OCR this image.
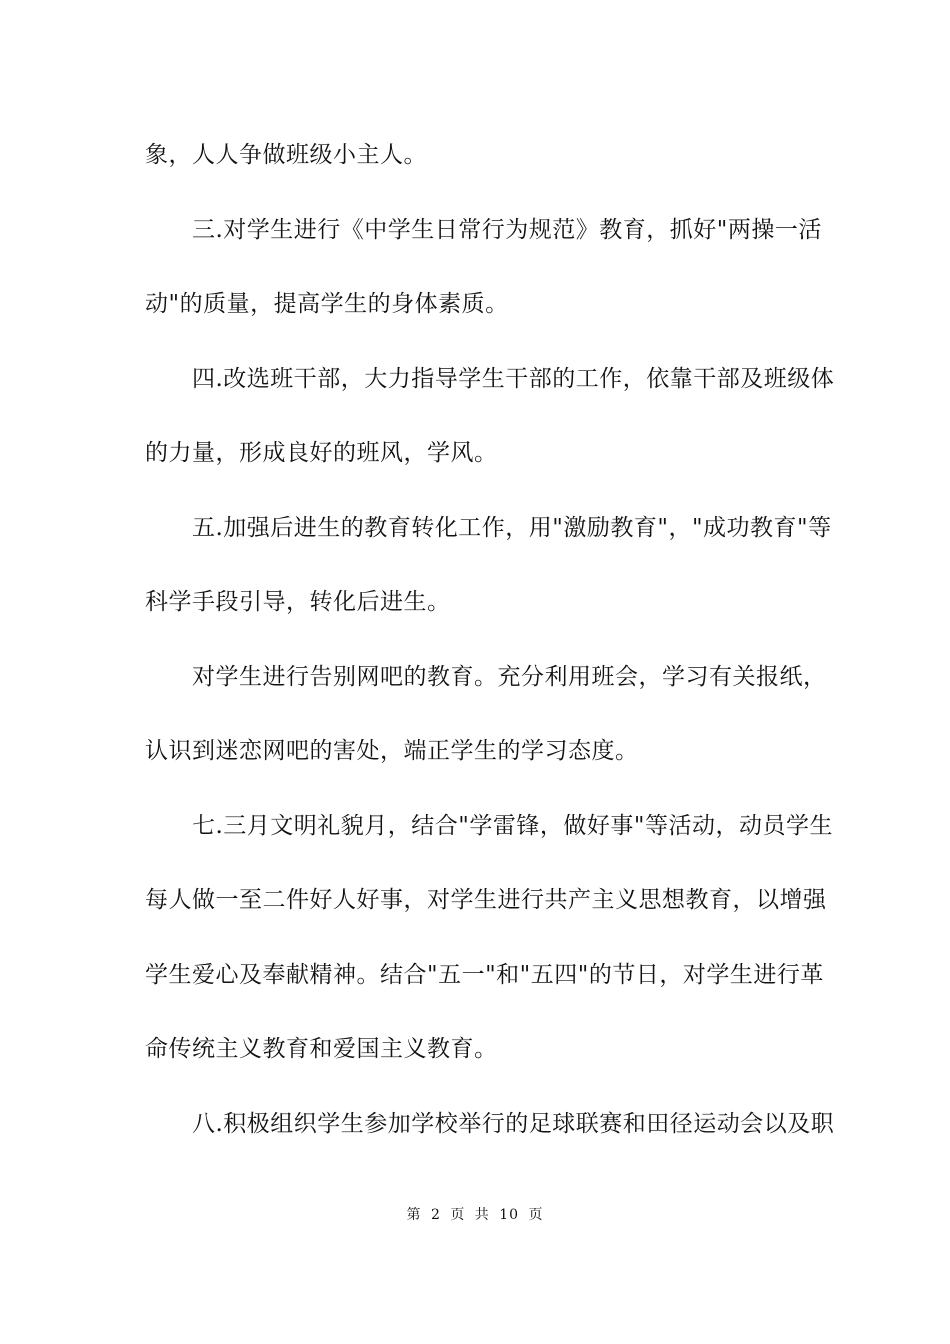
象，人人争做班级小主人。
三.对学生进行《中学生日常行为规范》教育，抓好"两操一活
动"的质量，提高学生的身体素质。
四.改选班干部，大力指导学生干部的工作，依靠干部及班级体
的力量，形成良好的班风，学风。
五.加强后进生的教育转化工作，用"激励教育"，"成功教育"等
科学手段引导，转化后进生。
对学生进行告别网吧的教育。充分利用班会，学习有关报纸，
认识到迷恋网吧的害处，端正学生的学习态度。
七.三月文明礼貌月，结合"学雷锋，做好事"等活动，动员学生
每人做一至二件好人好事，对学生进行共产主义思想教育，以增强
学生爱心及奉献精神。结合"五一"和"五四"的节日，对学生进行革
命传统主义教育和爱国主义教育。
八.积极组织学生参加学校举行的足球联赛和田径运动会以及职
第 2 页 共 10 页
